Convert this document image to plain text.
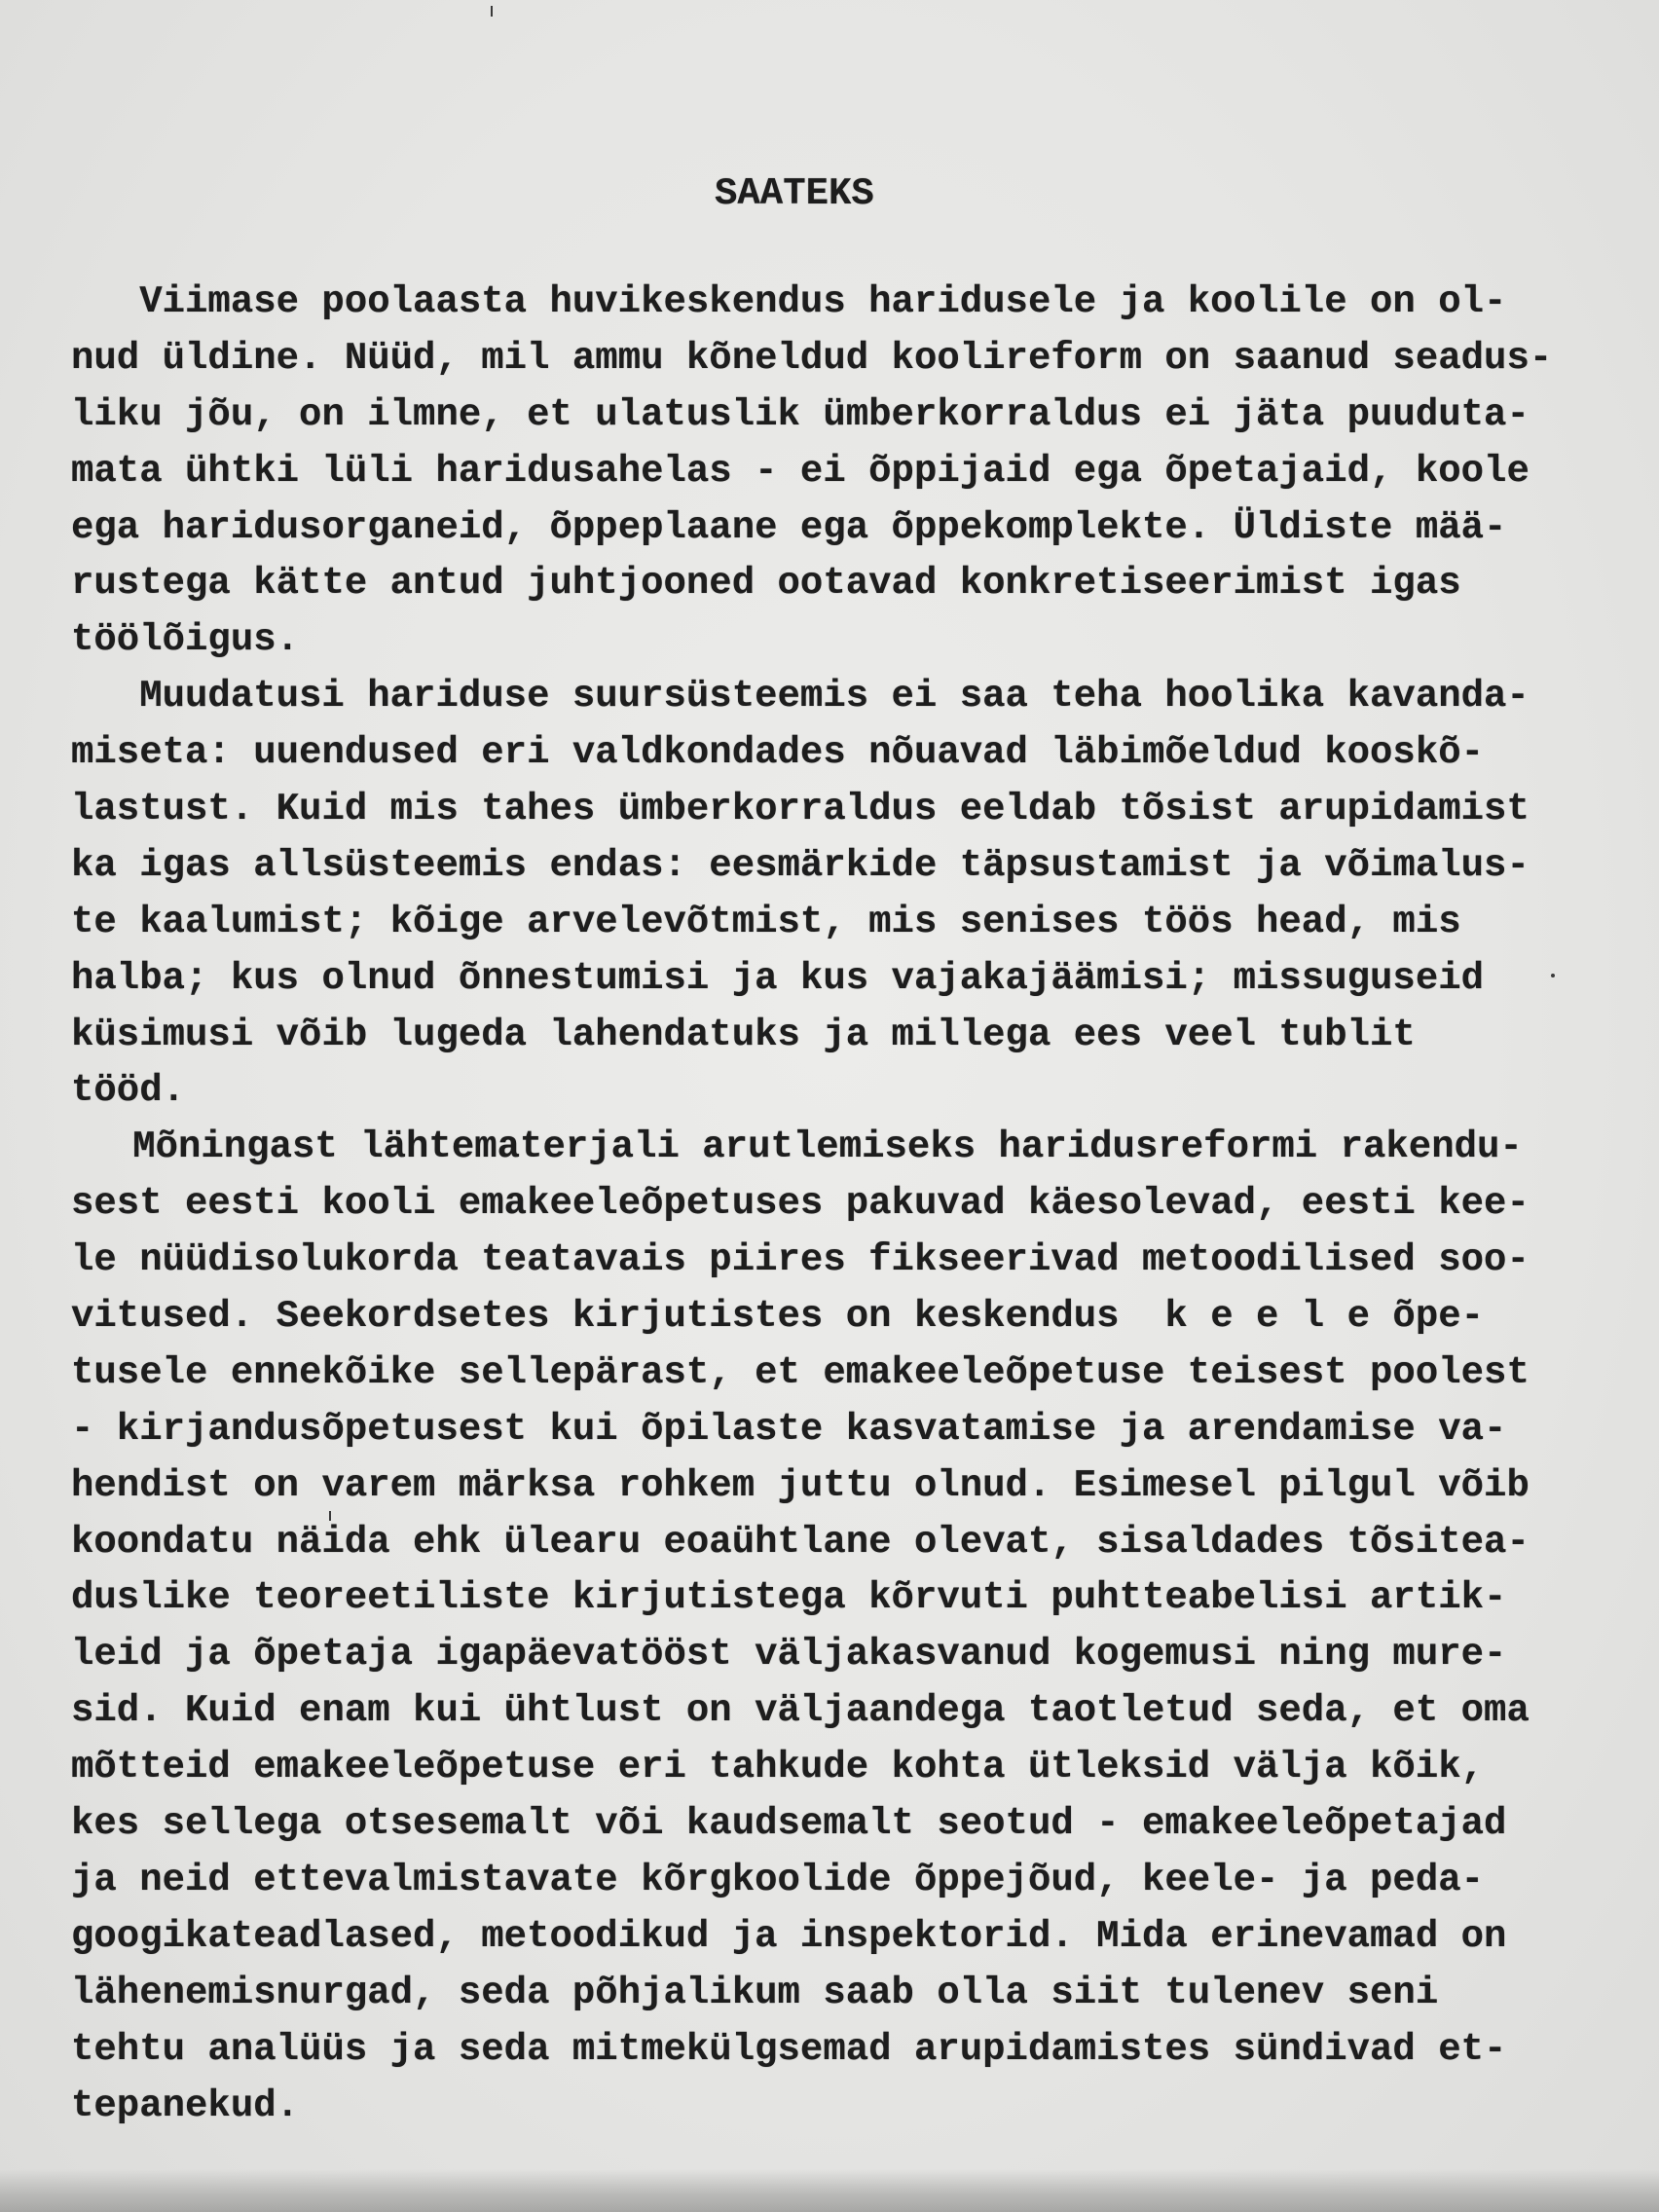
SAATEKS
Viimase poolaasta huvikeskendus haridusele ja koolile on ol-
nud üldine. Nüüd, mil ammu kõneldud koolireform on saanud seadus-
liku jõu, on ilmne, et ulatuslik ümberkorraldus ei jäta puuduta-
mata ühtki lüli haridusahelas - ei õppijaid ega õpetajaid, koole
ega haridusorganeid, õppeplaane ega õppekomplekte. Üldiste mää-
rustega kätte antud juhtjooned ootavad konkretiseerimist igas
töölõigus.
Muudatusi hariduse suursüsteemis ei saa teha hoolika kavanda-
miseta: uuendused eri valdkondades nõuavad läbimõeldud kooskõ-
lastust. Kuid mis tahes ümberkorraldus eeldab tõsist arupidamist
ka igas allsüsteemis endas: eesmärkide täpsustamist ja võimalus-
te kaalumist; kõige arvelevõtmist, mis senises töös head, mis
halba; kus olnud õnnestumisi ja kus vajakajäämisi; missuguseid
küsimusi võib lugeda lahendatuks ja millega ees veel tublit
tööd.
Mõningast lähtematerjali arutlemiseks haridusreformi rakendu-
sest eesti kooli emakeeleõpetuses pakuvad käesolevad, eesti kee-
le nüüdisolukorda teatavais piires fikseerivad metoodilised soo-
vitused. Seekordsetes kirjutistes on keskendus  k e e l e õpe-
tusele ennekõike sellepärast, et emakeeleõpetuse teisest poolest
- kirjandusõpetusest kui õpilaste kasvatamise ja arendamise va-
hendist on varem märksa rohkem juttu olnud. Esimesel pilgul võib
koondatu näida ehk ülearu eoaühtlane olevat, sisaldades tõsitea-
duslike teoreetiliste kirjutistega kõrvuti puhtteabelisi artik-
leid ja õpetaja igapäevatööst väljakasvanud kogemusi ning mure-
sid. Kuid enam kui ühtlust on väljaandega taotletud seda, et oma
mõtteid emakeeleõpetuse eri tahkude kohta ütleksid välja kõik,
kes sellega otsesemalt või kaudsemalt seotud - emakeeleõpetajad
ja neid ettevalmistavate kõrgkoolide õppejõud, keele- ja peda-
googikateadlased, metoodikud ja inspektorid. Mida erinevamad on
lähenemisnurgad, seda põhjalikum saab olla siit tulenev seni
tehtu analüüs ja seda mitmekülgsemad arupidamistes sündivad et-
tepanekud.
